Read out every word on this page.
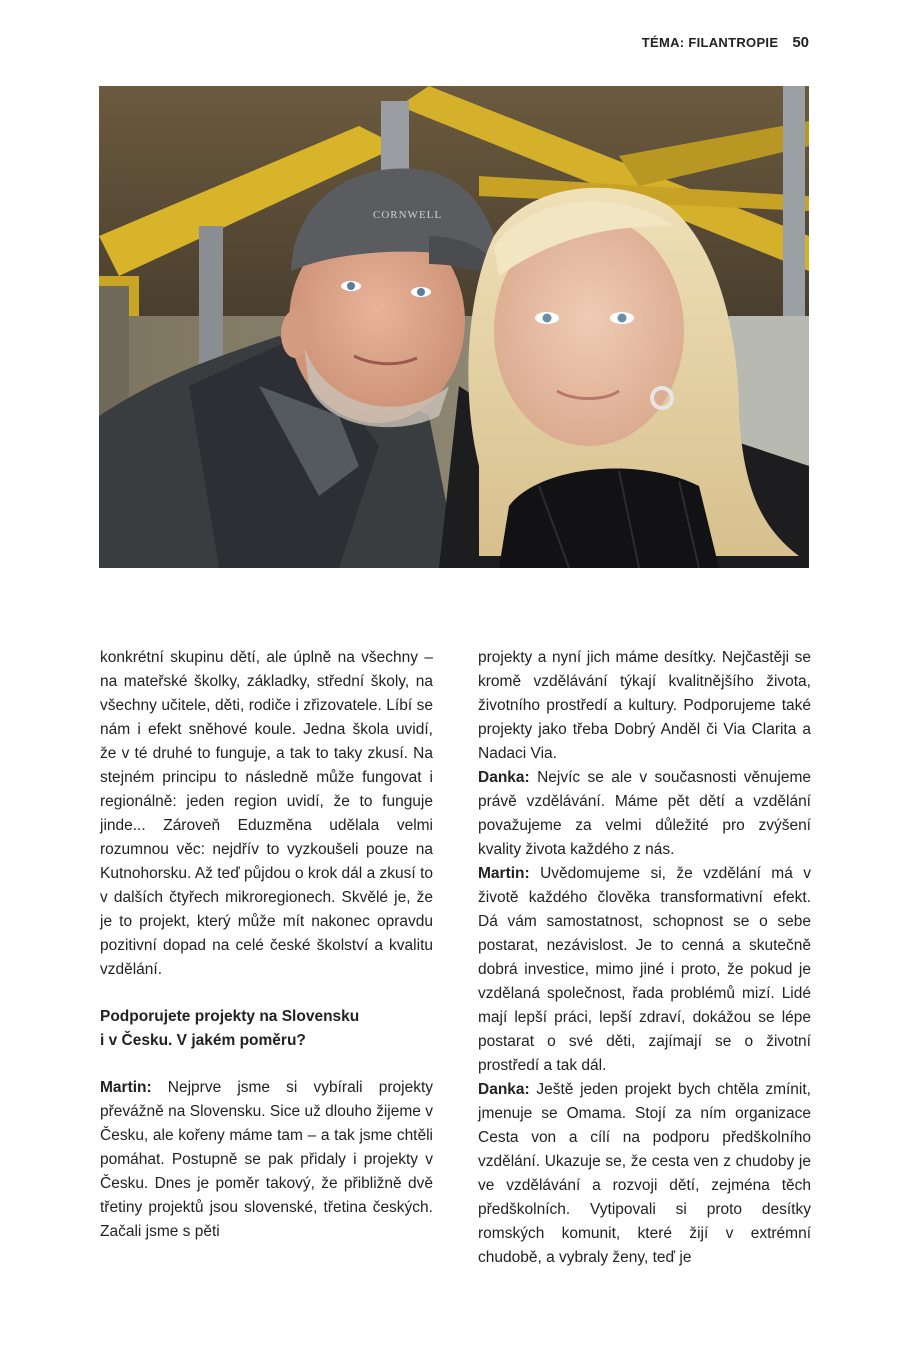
TÉMA: FILANTROPIE 50
CORNWELL

konkrétní skupinu dětí, ale úplně na všechny – na mateřské školky, základky, střední školy, na všechny učitele, děti, rodiče i zřizovatele. Líbí se nám i efekt sněhové koule. Jedna škola uvidí, že v té druhé to funguje, a tak to taky zkusí. Na stejném principu to následně může fungovat i regionálně: jeden region uvidí, že to funguje jinde... Zároveň Eduzměna udělala velmi rozumnou věc: nejdřív to vyzkoušeli pouze na Kutnohorsku. Až teď půjdou o krok dál a zkusí to v dalších čtyřech mikroregionech. Skvělé je, že je to projekt, který může mít nakonec opravdu pozitivní dopad na celé české školství a kvalitu vzdělání.

Podporujete projekty na Slovensku
i v Česku. V jakém poměru?

Martin: Nejprve jsme si vybírali projekty převážně na Slovensku. Sice už dlouho žijeme v Česku, ale kořeny máme tam – a tak jsme chtěli pomáhat. Postupně se pak přidaly i projekty v Česku. Dnes je poměr takový, že přibližně dvě třetiny projektů jsou slovenské, třetina českých. Začali jsme s pěti

projekty a nyní jich máme desítky. Nejčastěji se kromě vzdělávání týkají kvalitnějšího života, životního prostředí a kultury. Podporujeme také projekty jako třeba Dobrý Anděl či Via Clarita a Nadaci Via.

Danka: Nejvíc se ale v současnosti věnujeme právě vzdělávání. Máme pět dětí a vzdělání považujeme za velmi důležité pro zvýšení kvality života každého z nás.

Martin: Uvědomujeme si, že vzdělání má v životě každého člověka transformativní efekt. Dá vám samostatnost, schopnost se o sebe postarat, nezávislost. Je to cenná a skutečně dobrá investice, mimo jiné i proto, že pokud je vzdělaná společnost, řada problémů mizí. Lidé mají lepší práci, lepší zdraví, dokážou se lépe postarat o své děti, zajímají se o životní prostředí a tak dál.

Danka: Ještě jeden projekt bych chtěla zmínit, jmenuje se Omama. Stojí za ním organizace Cesta von a cílí na podporu předškolního vzdělání. Ukazuje se, že cesta ven z chudoby je ve vzdělávání a rozvoji dětí, zejména těch předškolních. Vytipovali si proto desítky romských komunit, které žijí v extrémní chudobě, a vybraly ženy, teď je
